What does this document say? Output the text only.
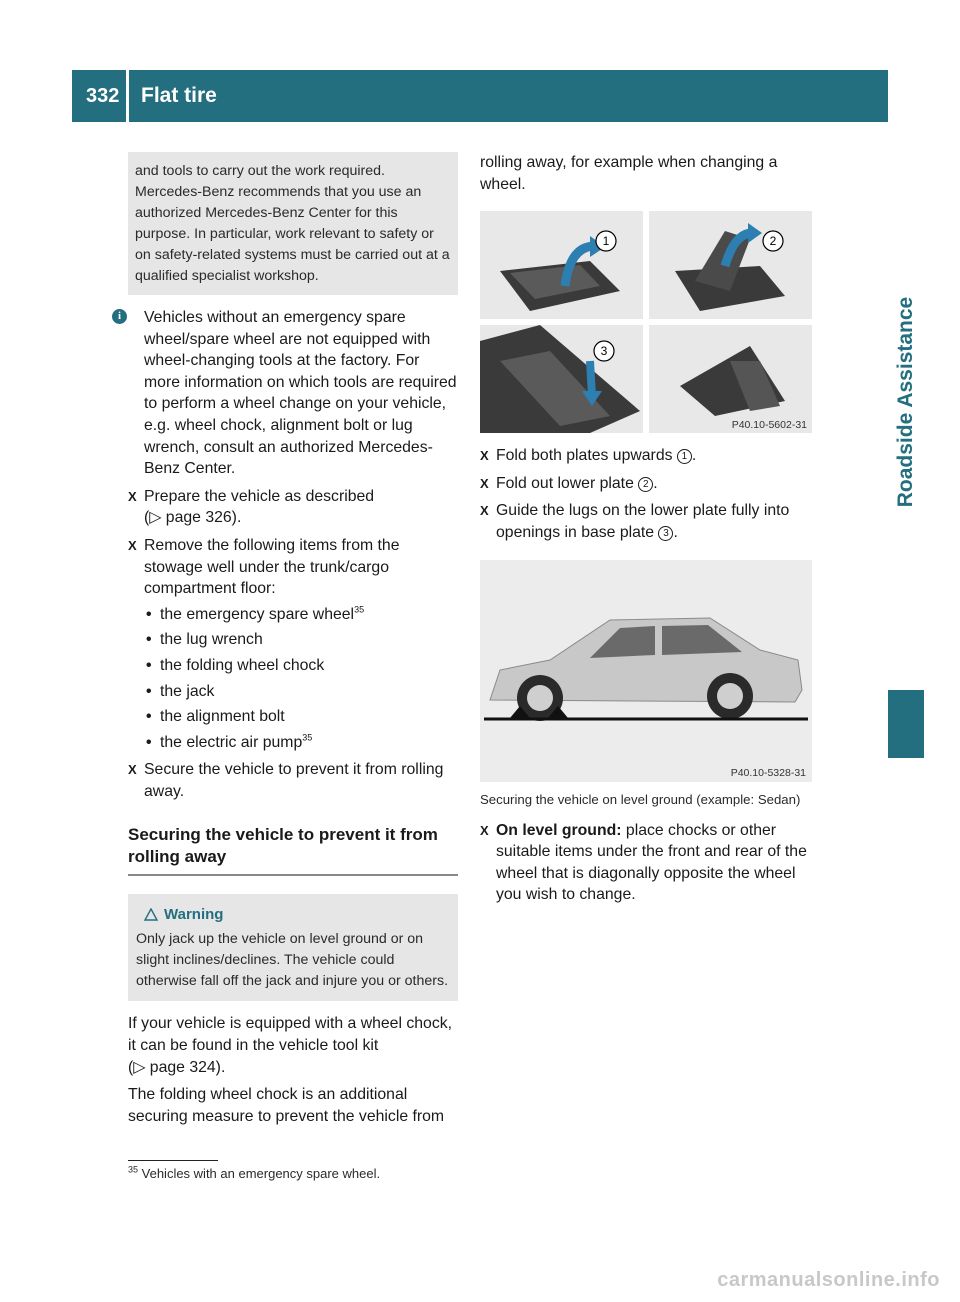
332	Flat tire
Roadside Assistance
and tools to carry out the work required. Mercedes-Benz recommends that you use an authorized Mercedes-Benz Center for this purpose. In particular, work relevant to safety or on safety-related systems must be carried out at a qualified specialist workshop.
i	Vehicles without an emergency spare wheel/spare wheel are not equipped with wheel-changing tools at the factory. For more information on which tools are required to perform a wheel change on your vehicle, e.g. wheel chock, alignment bolt or lug wrench, consult an authorized Mercedes-Benz Center.
X Prepare the vehicle as described
(▷ page 326).
X Remove the following items from the stowage well under the trunk/cargo compartment floor:
• the emergency spare wheel$^{35}$
• the lug wrench
• the folding wheel chock
• the jack
• the alignment bolt
• the electric air pump$^{35}$
X Secure the vehicle to prevent it from rolling away.
Securing the vehicle to prevent it from rolling away
Warning
Only jack up the vehicle on level ground or on slight inclines/declines. The vehicle could otherwise fall off the jack and injure you or others.
If your vehicle is equipped with a wheel chock, it can be found in the vehicle tool kit
(▷ page 324).
The folding wheel chock is an additional securing measure to prevent the vehicle from
rolling away, for example when changing a wheel.
1	2
3
P40.10-5602-31
X Fold both plates upwards 1 .
X Fold out lower plate 2 .
X Guide the lugs on the lower plate fully into openings in base plate 3 .
P40.10-5328-31
Securing the vehicle on level ground (example: Sedan)
X On level ground: place chocks or other suitable items under the front and rear of the wheel that is diagonally opposite the wheel you wish to change.
$^{35}$ Vehicles with an emergency spare wheel.
carmanualsonline.info
